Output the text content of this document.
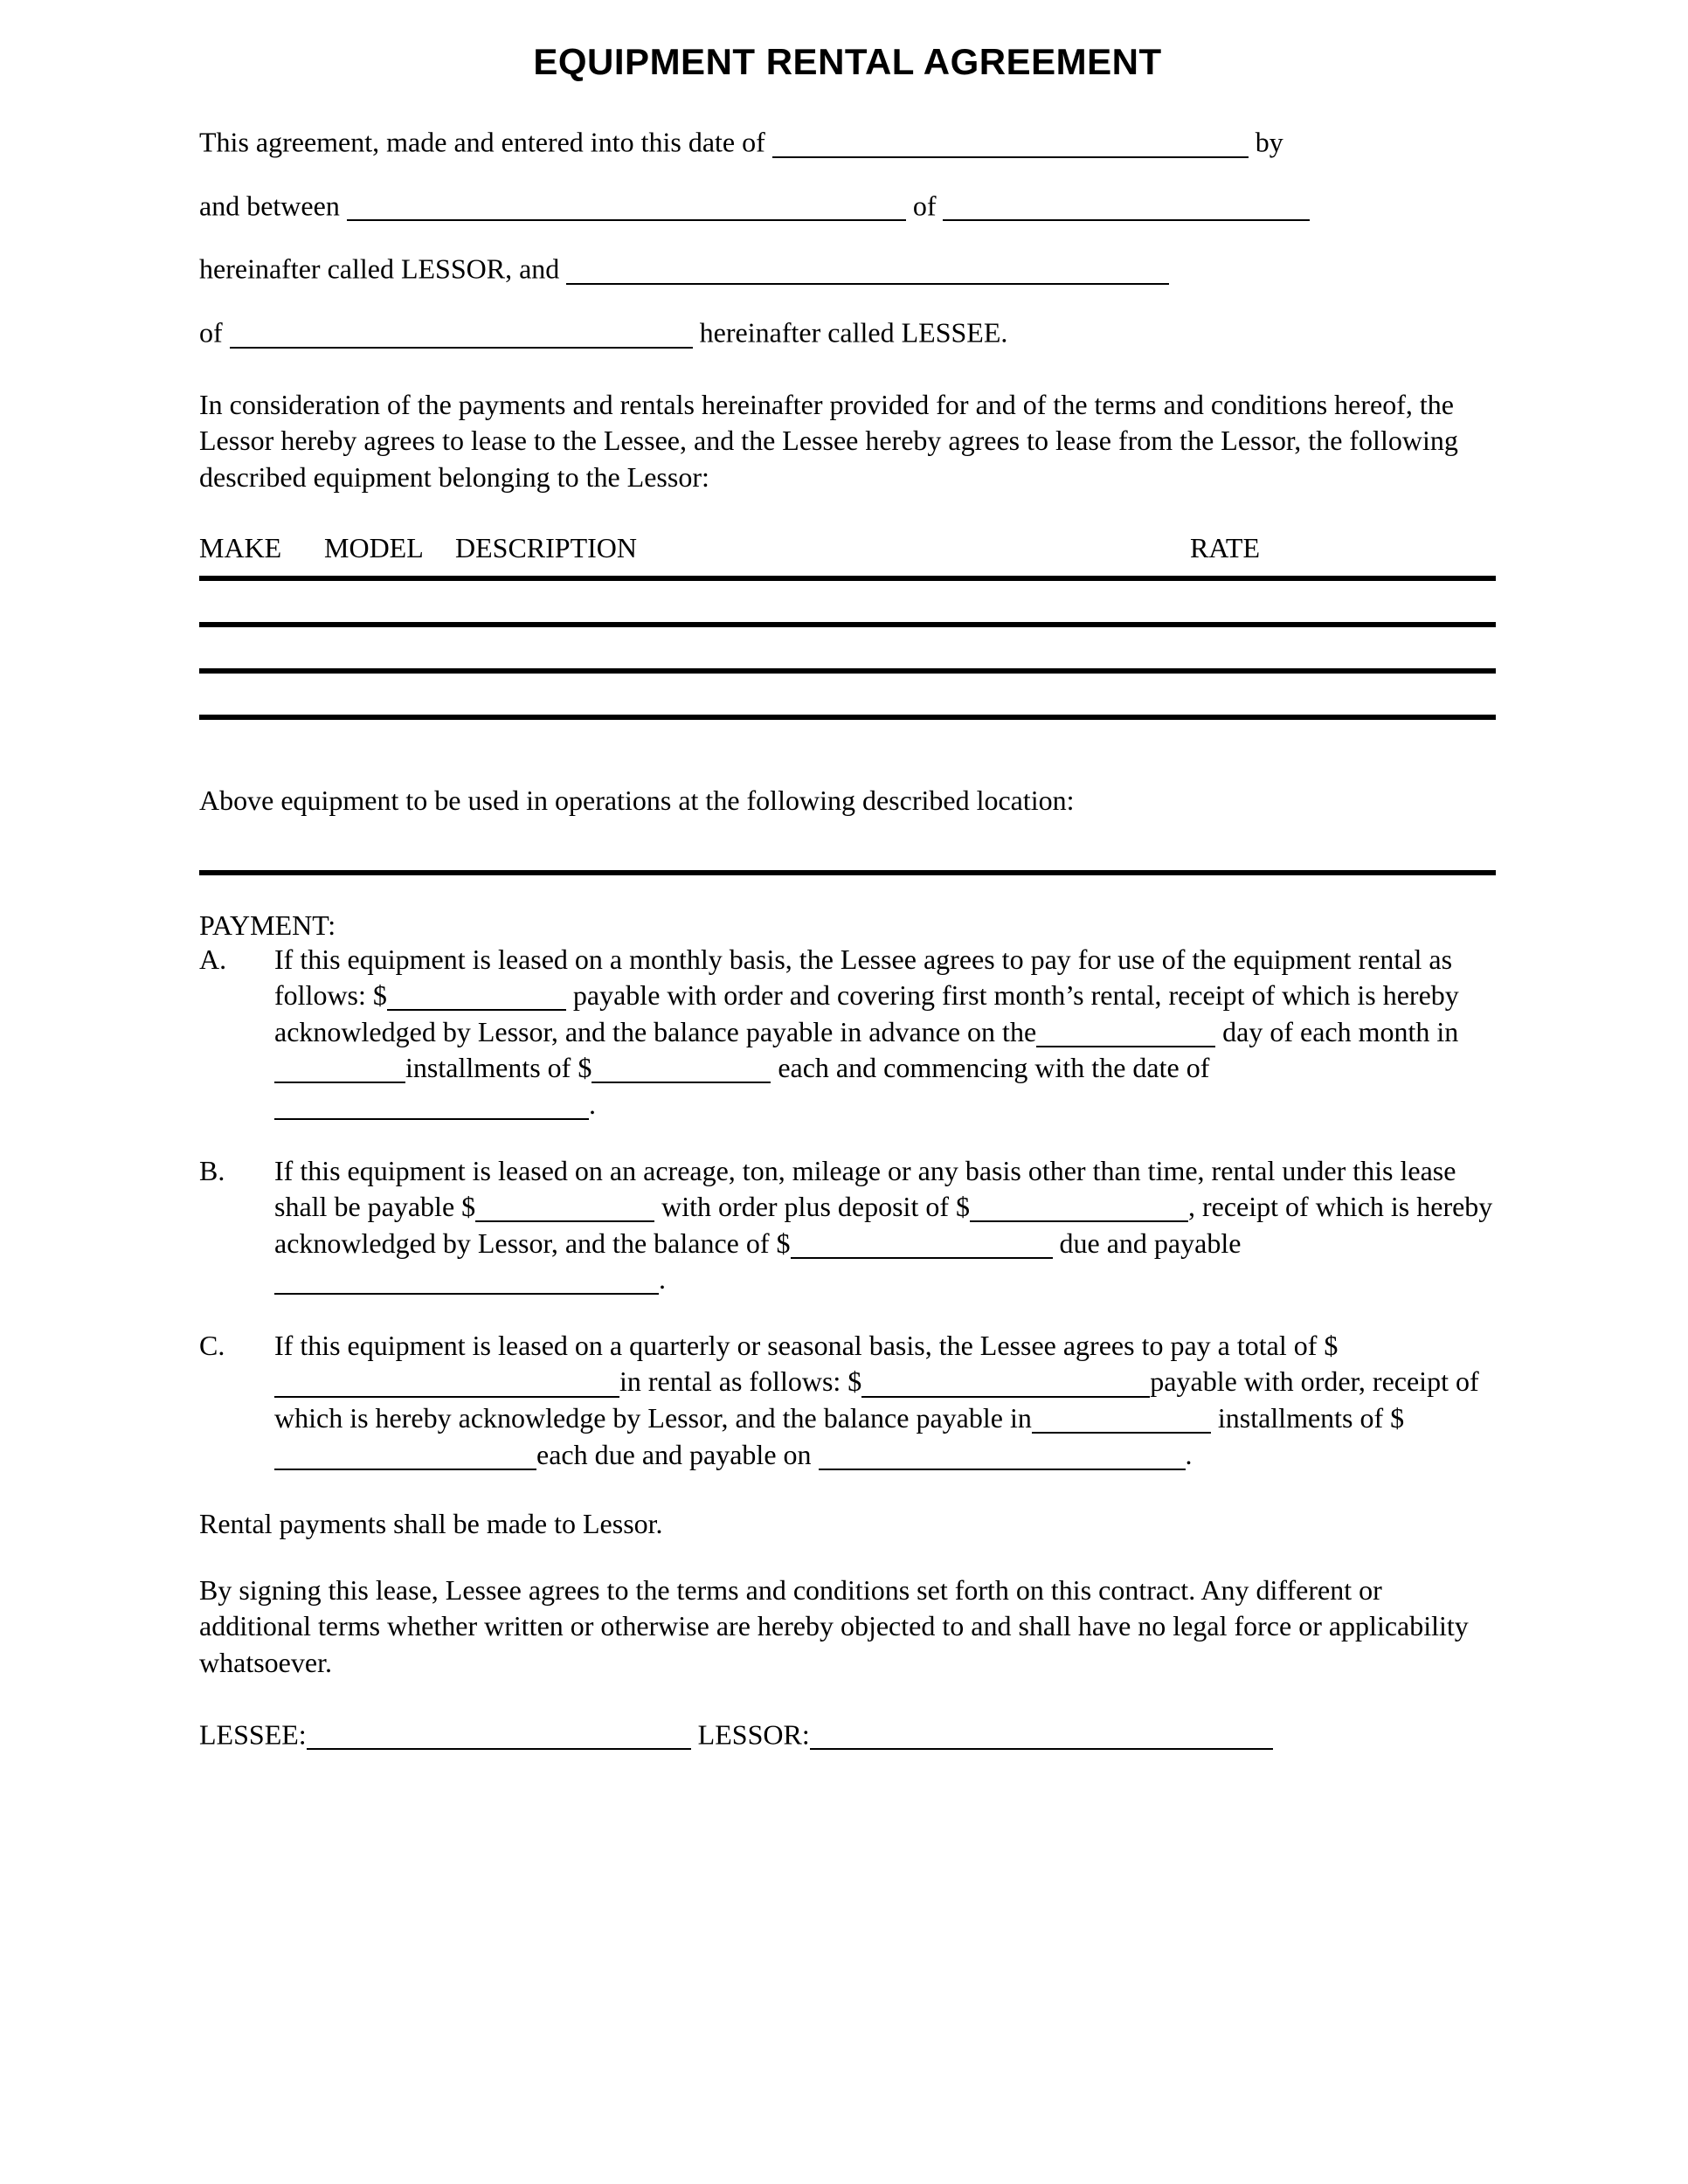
EQUIPMENT RENTAL AGREEMENT
This agreement, made and entered into this date of	by
and between	of
hereinafter called LESSOR, and
of	hereinafter called LESSEE.

In consideration of the payments and rentals hereinafter provided for and of the terms and conditions hereof, the Lessor hereby agrees to lease to the Lessee, and the Lessee hereby agrees to lease from the Lessor, the following described equipment belonging to the Lessor:

MAKE MODEL DESCRIPTION	RATE
Above equipment to be used in operations at the following described location:
PAYMENT:
A.	If this equipment is leased on a monthly basis, the Lessee agrees to pay for use of the equipment rental as follows: $	payable with order and covering first month’s rental, receipt of which is hereby acknowledged by Lessor, and the balance payable in advance on the	day of each month ininstallments of $	each and commencing with the date of.
B.	If this equipment is leased on an acreage, ton, mileage or any basis other than time, rental under this lease shall be payable $	with order plus deposit of $	, receipt of which is hereby acknowledged by Lessor, and the balance of $	due and payable.
C.	If this equipment is leased on a quarterly or seasonal basis, the Lessee agrees to pay a total of $in rental as follows: $	payable with order, receipt of which is hereby acknowledge by Lessor, and the balance payable in	installments of $each due and payable on	.

Rental payments shall be made to Lessor.

By signing this lease, Lessee agrees to the terms and conditions set forth on this contract. Any different or additional terms whether written or otherwise are hereby objected to and shall have no legal force or applicability whatsoever.

LESSEE:	LESSOR:
